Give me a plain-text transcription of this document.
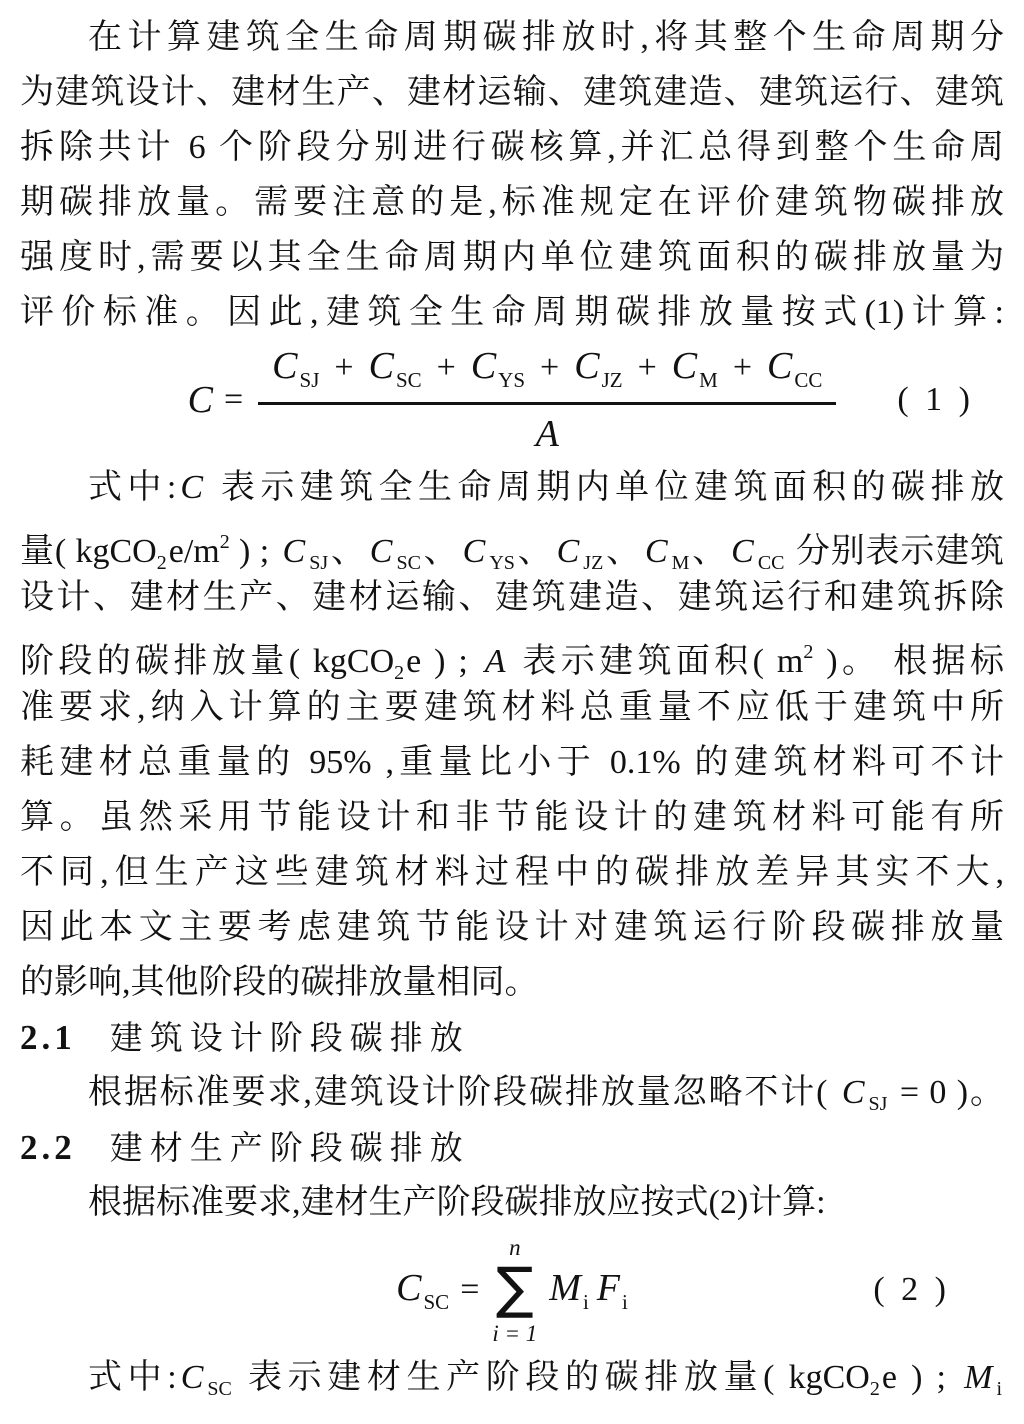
在计算建筑全生命周期碳排放时,将其整个生命周期分
为建筑设计、建材生产、建材运输、建筑建造、建筑运行、建筑
拆除共计 6 个阶段分别进行碳核算,并汇总得到整个生命周
期碳排放量。需要注意的是,标准规定在评价建筑物碳排放
强度时,需要以其全生命周期内单位建筑面积的碳排放量为
评价标准。因此,建筑全生命周期碳排放量按式(1)计算:
C =
CSJ + CSC + CYS + CJZ + CM + CCC
A
( 1 )
式中: C 表示建筑全生命周期内单位建筑面积的碳排放
量( $kgCO_2e/m^2$ ) ; C $_{SJ}$、 C $_{SC}$、 C $_{YS}$、 C $_{JZ}$、 C $_M$、 C $_{CC}$ 分别表示建筑
设计、建材生产、建材运输、建筑建造、建筑运行和建筑拆除
阶段的碳排放量( kgCO$_2$e ) ; A 表示建筑面积( $m^2$ )。 根据标
准要求,纳入计算的主要建筑材料总重量不应低于建筑中所
耗建材总重量的 95% ,重量比小于 0.1% 的建筑材料可不计
算。虽然采用节能设计和非节能设计的建筑材料可能有所
不同,但生产这些建筑材料过程中的碳排放差异其实不大,
因此本文主要考虑建筑节能设计对建筑运行阶段碳排放量
的影响,其他阶段的碳排放量相同。
2.1 建筑设计阶段碳排放
根据标准要求,建筑设计阶段碳排放量忽略不计( C $_{SJ}$ = 0 )。
2.2 建材生产阶段碳排放
根据标准要求,建材生产阶段碳排放应按式(2)计算:
CSC =
n
∑
i = 1
Mi Fi	( 2 )
式中: C $_{SC}$ 表示建材生产阶段的碳排放量( kgCO$_2$e ) ; M $_i$
